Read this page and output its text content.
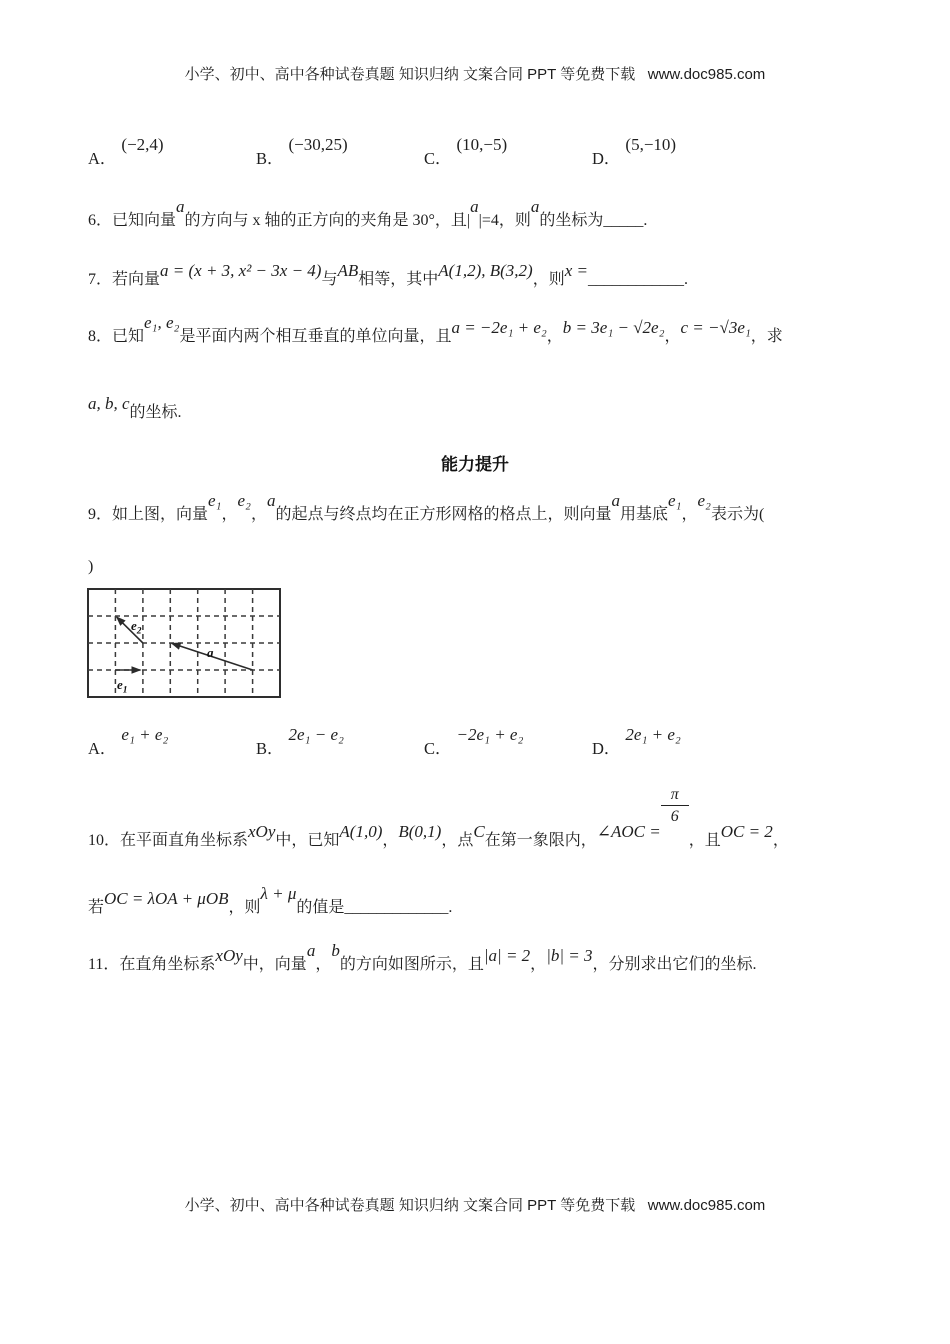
小学、初中、高中各种试卷真题 知识归纳 文案合同 PPT 等免费下载   www.doc985.com
A．(−2,4)
B．(−30,25)
C．(10,−5)
D．(5,−10)
6．已知向量a的方向与 x 轴的正方向的夹角是 30°，且|a|=4，则a的坐标为_____.
7．若向量a = (x + 3, x² − 3x − 4)与AB相等，其中A(1,2), B(3,2)，则x =____________.
8．已知e₁, e₂是平面内两个相互垂直的单位向量，且a = −2e₁ + e₂，b = 3e₁ − √2e₂，c = −√3e₁，求
a, b, c的坐标.
能力提升
9．如上图，向量e₁，e₂，a的起点与终点均在正方形网格的格点上，则向量a用基底e₁，e₂表示为(
)
$e_2$
$e_1$
a
A．e₁ + e₂
B．2e₁ − e₂
C．−2e₁ + e₂
D．2e₁ + e₂
10．在平面直角坐标系xOy中，已知A(1,0)，B(0,1)，点C在第一象限内，∠AOC =
π
6
，且OC = 2，
若OC = λOA + μOB，则λ + μ的值是_____________.
11．在直角坐标系xOy中，向量a，b的方向如图所示，且|a| = 2，|b| = 3，分别求出它们的坐标.
小学、初中、高中各种试卷真题 知识归纳 文案合同 PPT 等免费下载   www.doc985.com
